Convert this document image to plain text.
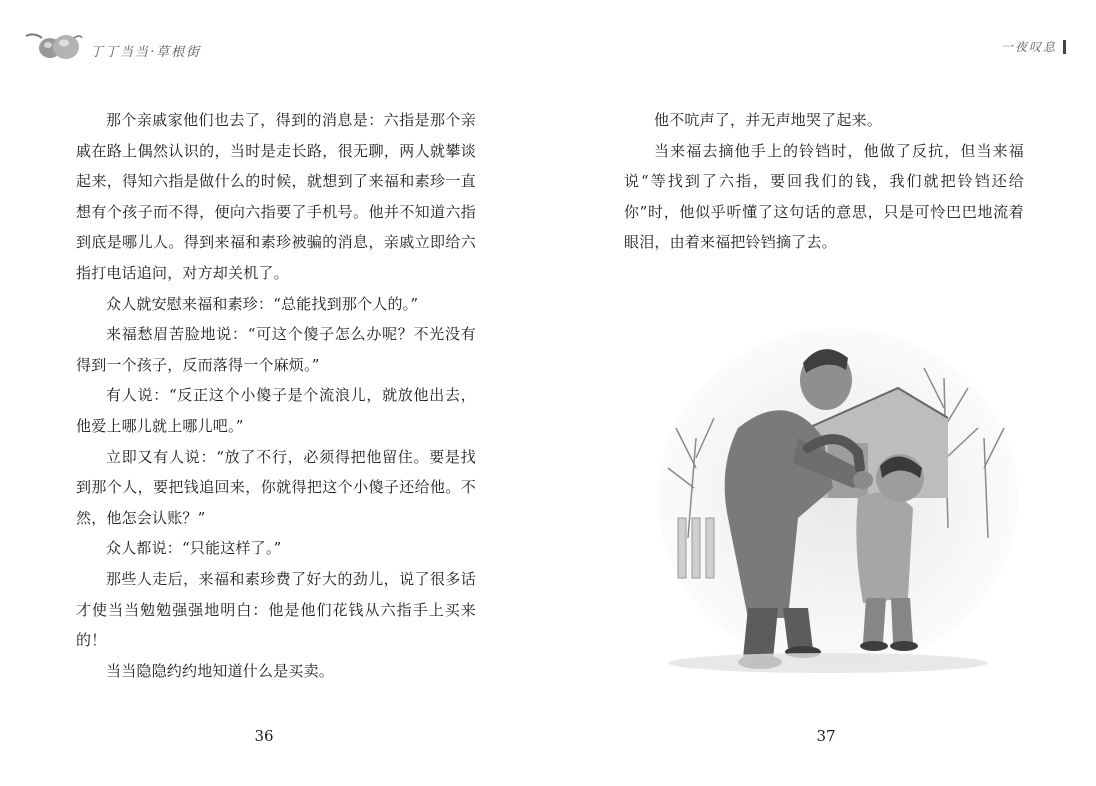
丁丁当当·草根街

那个亲戚家他们也去了，得到的消息是：六指是那个亲戚在路上偶然认识的，当时是走长路，很无聊，两人就攀谈起来，得知六指是做什么的时候，就想到了来福和素珍一直想有个孩子而不得，便向六指要了手机号。他并不知道六指到底是哪儿人。得到来福和素珍被骗的消息，亲戚立即给六指打电话追问，对方却关机了。

众人就安慰来福和素珍：“总能找到那个人的。”

来福愁眉苦脸地说：“可这个傻子怎么办呢？不光没有得到一个孩子，反而落得一个麻烦。”

有人说：“反正这个小傻子是个流浪儿，就放他出去，他爱上哪儿就上哪儿吧。”

立即又有人说：“放了不行，必须得把他留住。要是找到那个人，要把钱追回来，你就得把这个小傻子还给他。不然，他怎会认账？”

众人都说：“只能这样了。”

那些人走后，来福和素珍费了好大的劲儿，说了很多话才使当当勉勉强强地明白：他是他们花钱从六指手上买来的！

当当隐隐约约地知道什么是买卖。

36
一夜叹息

他不吭声了，并无声地哭了起来。

当来福去摘他手上的铃铛时，他做了反抗，但当来福说“等找到了六指，要回我们的钱，我们就把铃铛还给你”时，他似乎听懂了这句话的意思，只是可怜巴巴地流着眼泪，由着来福把铃铛摘了去。

37
